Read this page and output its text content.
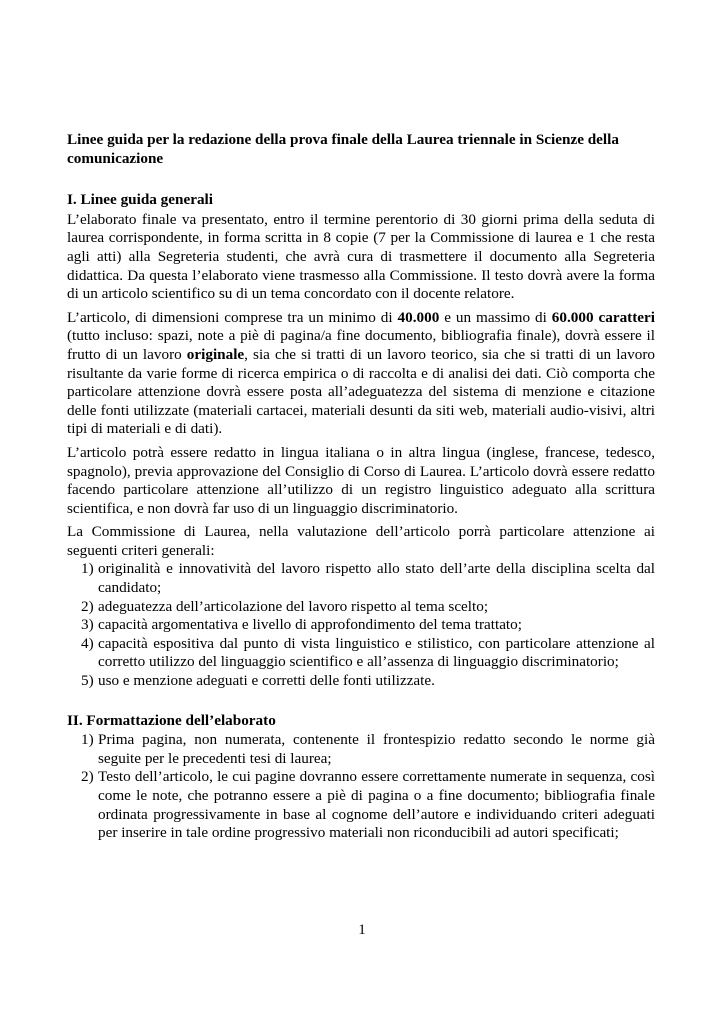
Linee guida per la redazione della prova finale della Laurea triennale in Scienze della comunicazione

I. Linee guida generali

L’elaborato finale va presentato, entro il termine perentorio di 30 giorni prima della seduta di laurea corrispondente, in forma scritta in 8 copie (7 per la Commissione di laurea e 1 che resta agli atti) alla Segreteria studenti, che avrà cura di trasmettere il documento alla Segreteria didattica. Da questa l’elaborato viene trasmesso alla Commissione. Il testo dovrà avere la forma di un articolo scientifico su di un tema concordato con il docente relatore.

L’articolo, di dimensioni comprese tra un minimo di 40.000 e un massimo di 60.000 caratteri (tutto incluso: spazi, note a piè di pagina/a fine documento, bibliografia finale), dovrà essere il frutto di un lavoro originale, sia che si tratti di un lavoro teorico, sia che si tratti di un lavoro risultante da varie forme di ricerca empirica o di raccolta e di analisi dei dati. Ciò comporta che particolare attenzione dovrà essere posta all’adeguatezza del sistema di menzione e citazione delle fonti utilizzate (materiali cartacei, materiali desunti da siti web, materiali audio-visivi, altri tipi di materiali e di dati).

L’articolo potrà essere redatto in lingua italiana o in altra lingua (inglese, francese, tedesco, spagnolo), previa approvazione del Consiglio di Corso di Laurea. L’articolo dovrà essere redatto facendo particolare attenzione all’utilizzo di un registro linguistico adeguato alla scrittura scientifica, e non dovrà far uso di un linguaggio discriminatorio.

La Commissione di Laurea, nella valutazione dell’articolo porrà particolare attenzione ai seguenti criteri generali:

1) originalità e innovatività del lavoro rispetto allo stato dell’arte della disciplina scelta dal candidato;
2) adeguatezza dell’articolazione del lavoro rispetto al tema scelto;
3) capacità argomentativa e livello di approfondimento del tema trattato;
4) capacità espositiva dal punto di vista linguistico e stilistico, con particolare attenzione al corretto utilizzo del linguaggio scientifico e all’assenza di linguaggio discriminatorio;
5) uso e menzione adeguati e corretti delle fonti utilizzate.

II. Formattazione dell’elaborato

1) Prima pagina, non numerata, contenente il frontespizio redatto secondo le norme già seguite per le precedenti tesi di laurea;
2) Testo dell’articolo, le cui pagine dovranno essere correttamente numerate in sequenza, così come le note, che potranno essere a piè di pagina o a fine documento; bibliografia finale ordinata progressivamente in base al cognome dell’autore e individuando criteri adeguati per inserire in tale ordine progressivo materiali non riconducibili ad autori specificati;
1
